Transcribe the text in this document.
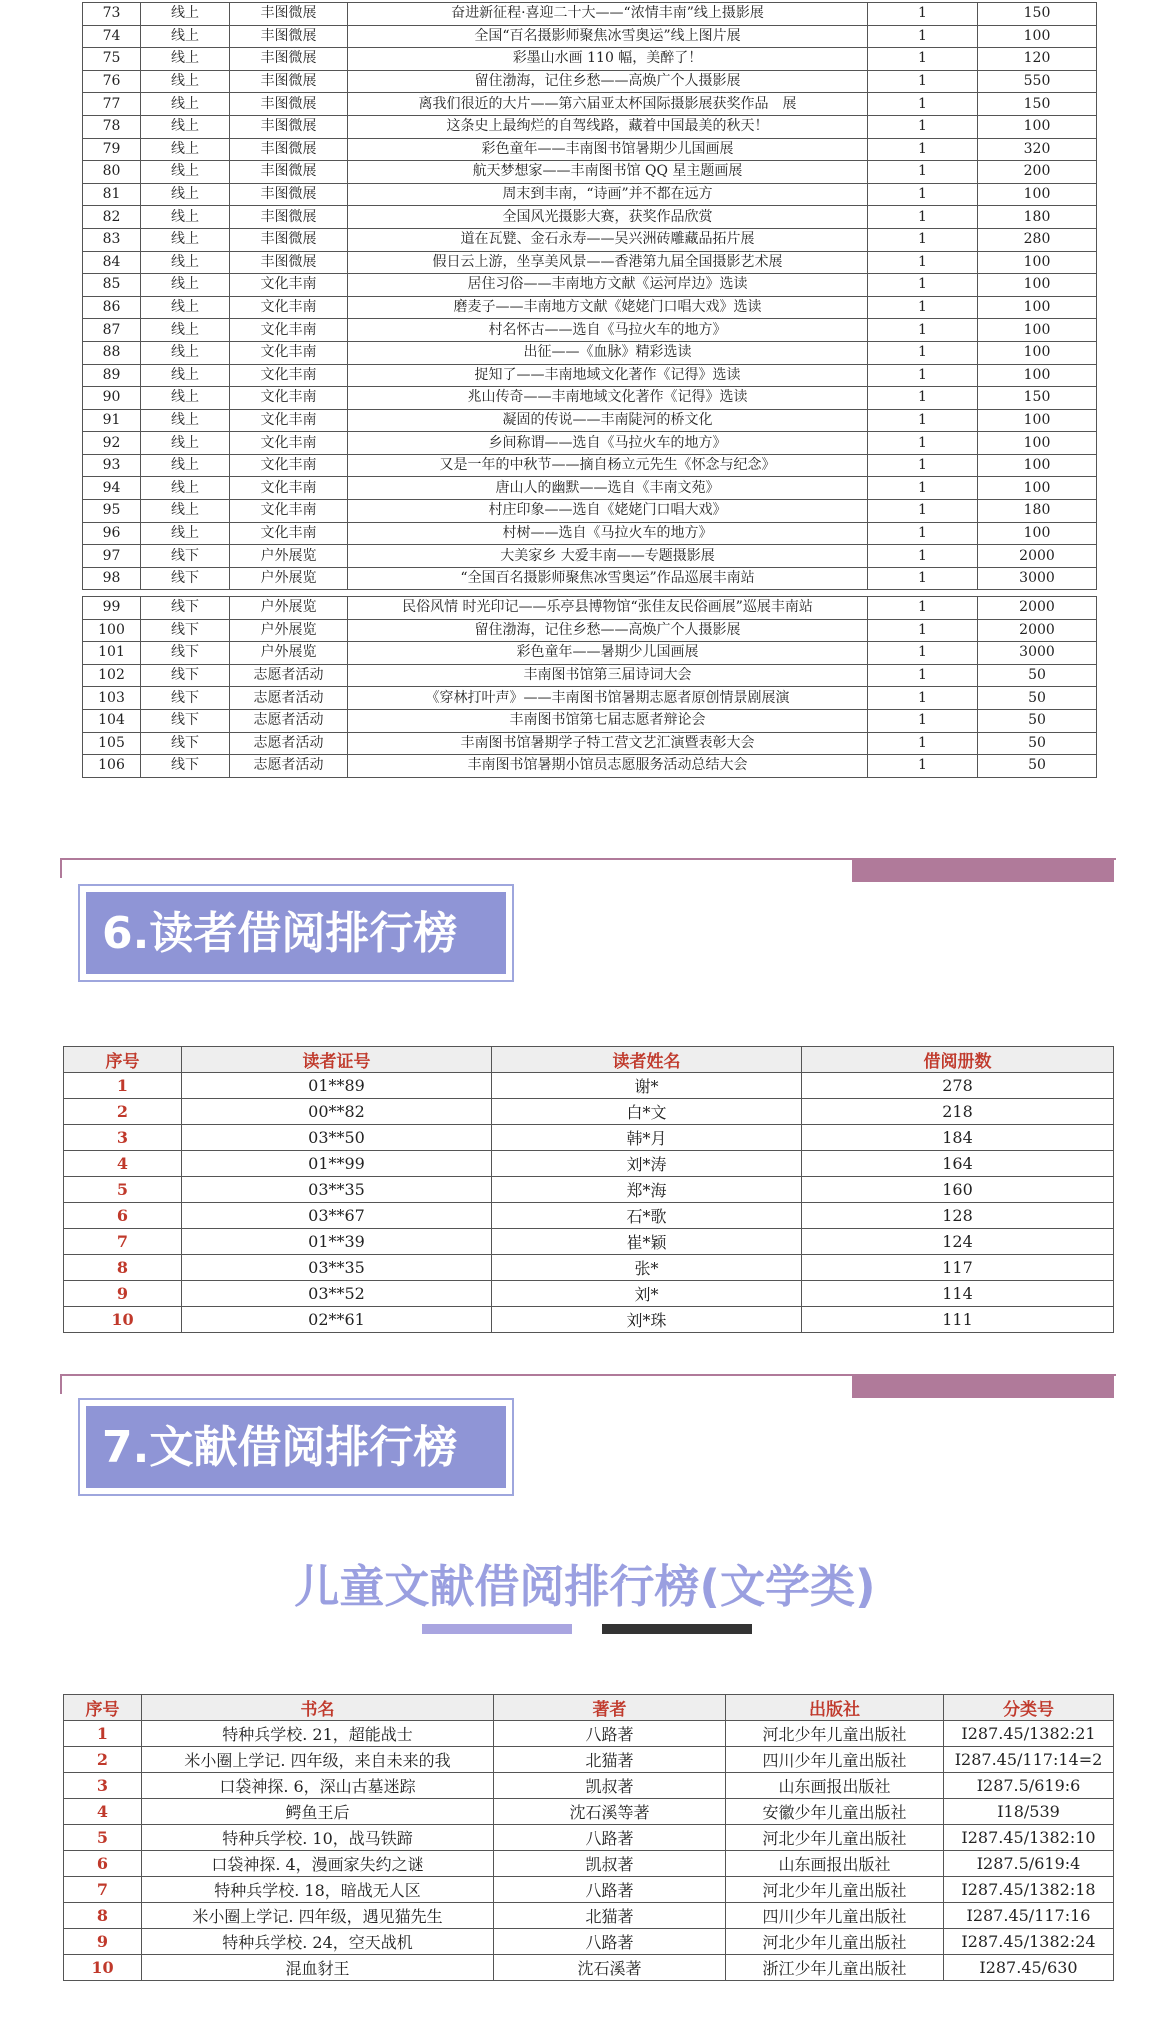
73	线上	丰图微展	奋进新征程·喜迎二十大——“浓情丰南”线上摄影展	1	150
74	线上	丰图微展	全国“百名摄影师聚焦冰雪奥运”线上图片展	1	100
75	线上	丰图微展	彩墨山水画 110 幅，美醉了！	1	120
76	线上	丰图微展	留住渤海，记住乡愁——高焕广个人摄影展	1	550
77	线上	丰图微展	离我们很近的大片——第六届亚太杯国际摄影展获奖作品　展	1	150
78	线上	丰图微展	这条史上最绚烂的自驾线路，藏着中国最美的秋天！	1	100
79	线上	丰图微展	彩色童年——丰南图书馆暑期少儿国画展	1	320
80	线上	丰图微展	航天梦想家——丰南图书馆 QQ 星主题画展	1	200
81	线上	丰图微展	周末到丰南，“诗画”并不都在远方	1	100
82	线上	丰图微展	全国风光摄影大赛，获奖作品欣赏	1	180
83	线上	丰图微展	道在瓦甓、金石永寿——吴兴洲砖雕藏品拓片展	1	280
84	线上	丰图微展	假日云上游，坐享美风景——香港第九届全国摄影艺术展	1	100
85	线上	文化丰南	居住习俗——丰南地方文献《运河岸边》选读	1	100
86	线上	文化丰南	磨麦子——丰南地方文献《姥姥门口唱大戏》选读	1	100
87	线上	文化丰南	村名怀古——选自《马拉火车的地方》	1	100
88	线上	文化丰南	出征——《血脉》精彩选读	1	100
89	线上	文化丰南	捉知了——丰南地域文化著作《记得》选读	1	100
90	线上	文化丰南	兆山传奇——丰南地域文化著作《记得》选读	1	150
91	线上	文化丰南	凝固的传说——丰南陡河的桥文化	1	100
92	线上	文化丰南	乡间称谓——选自《马拉火车的地方》	1	100
93	线上	文化丰南	又是一年的中秋节——摘自杨立元先生《怀念与纪念》	1	100
94	线上	文化丰南	唐山人的幽默——选自《丰南文苑》	1	100
95	线上	文化丰南	村庄印象——选自《姥姥门口唱大戏》	1	180
96	线上	文化丰南	村树——选自《马拉火车的地方》	1	100
97	线下	户外展览	大美家乡 大爱丰南——专题摄影展	1	2000
98	线下	户外展览	“全国百名摄影师聚焦冰雪奥运”作品巡展丰南站	1	3000
99	线下	户外展览	民俗风情 时光印记——乐亭县博物馆“张佳友民俗画展”巡展丰南站	1	2000
100	线下	户外展览	留住渤海，记住乡愁——高焕广个人摄影展	1	2000
101	线下	户外展览	彩色童年——暑期少儿国画展	1	3000
102	线下	志愿者活动	丰南图书馆第三届诗词大会	1	50
103	线下	志愿者活动	《穿林打叶声》——丰南图书馆暑期志愿者原创情景剧展演	1	50
104	线下	志愿者活动	丰南图书馆第七届志愿者辩论会	1	50
105	线下	志愿者活动	丰南图书馆暑期学子特工营文艺汇演暨表彰大会	1	50
106	线下	志愿者活动	丰南图书馆暑期小馆员志愿服务活动总结大会	1	50
6.读者借阅排行榜
序号	读者证号	读者姓名	借阅册数
1	01**89	谢*	278
2	00**82	白*文	218
3	03**50	韩*月	184
4	01**99	刘*涛	164
5	03**35	郑*海	160
6	03**67	石*歌	128
7	01**39	崔*颖	124
8	03**35	张*	117
9	03**52	刘*	114
10	02**61	刘*珠	111
7.文献借阅排行榜
儿童文献借阅排行榜(文学类)
序号	书名	著者	出版社	分类号
1	特种兵学校. 21，超能战士	八路著	河北少年儿童出版社	I287.45/1382:21
2	米小圈上学记. 四年级，来自未来的我	北猫著	四川少年儿童出版社	I287.45/117:14=2
3	口袋神探. 6，深山古墓迷踪	凯叔著	山东画报出版社	I287.5/619:6
4	鳄鱼王后	沈石溪等著	安徽少年儿童出版社	I18/539
5	特种兵学校. 10，战马铁蹄	八路著	河北少年儿童出版社	I287.45/1382:10
6	口袋神探. 4，漫画家失约之谜	凯叔著	山东画报出版社	I287.5/619:4
7	特种兵学校. 18，暗战无人区	八路著	河北少年儿童出版社	I287.45/1382:18
8	米小圈上学记. 四年级，遇见猫先生	北猫著	四川少年儿童出版社	I287.45/117:16
9	特种兵学校. 24，空天战机	八路著	河北少年儿童出版社	I287.45/1382:24
10	混血豺王	沈石溪著	浙江少年儿童出版社	I287.45/630
